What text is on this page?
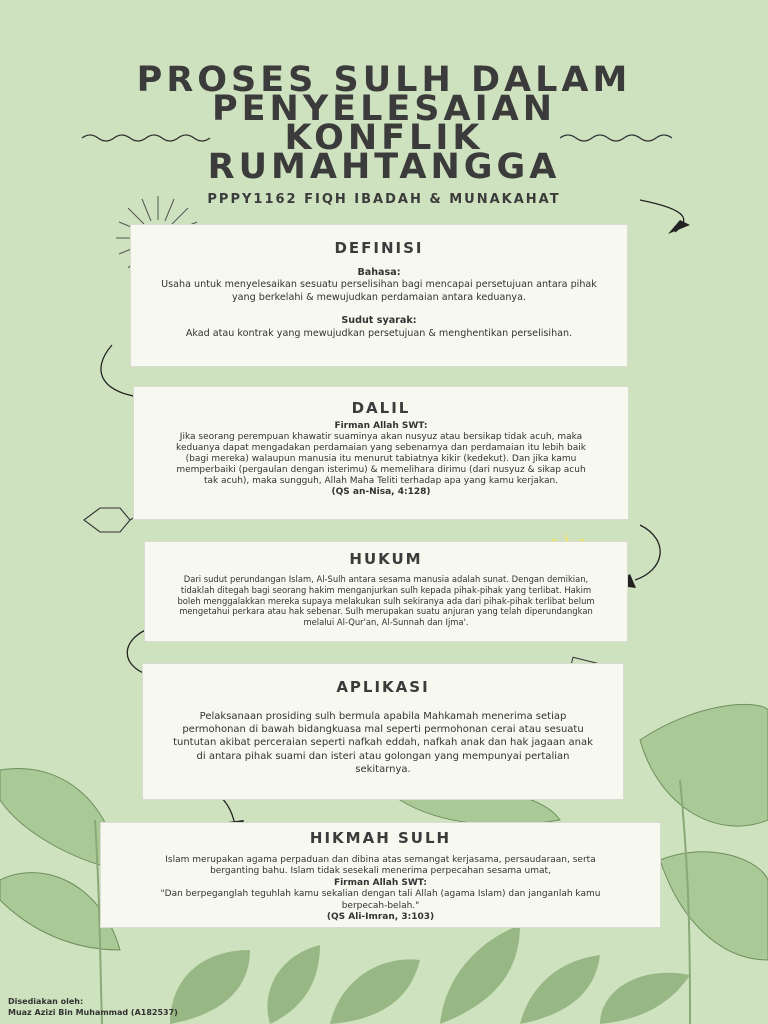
PROSES SULH DALAM
PENYELESAIAN
KONFLIK
RUMAHTANGGA
PPPY1162 FIQH IBADAH & MUNAKAHAT
DEFINISI

Bahasa:

Usaha untuk menyelesaikan sesuatu perselisihan bagi mencapai persetujuan antara pihak yang berkelahi & mewujudkan perdamaian antara keduanya.

Sudut syarak:

Akad atau kontrak yang mewujudkan persetujuan & menghentikan perselisihan.

DALIL

Firman Allah SWT:

Jika seorang perempuan khawatir suaminya akan nusyuz atau bersikap tidak acuh, maka keduanya dapat mengadakan perdamaian yang sebenarnya dan perdamaian itu lebih baik (bagi mereka) walaupun manusia itu menurut tabiatnya kikir (kedekut). Dan jika kamu memperbaiki (pergaulan dengan isterimu) & memelihara dirimu (dari nusyuz & sikap acuh tak acuh), maka sungguh, Allah Maha Teliti terhadap apa yang kamu kerjakan.

(QS an-Nisa, 4:128)

HUKUM

Dari sudut perundangan Islam, Al-Sulh antara sesama manusia adalah sunat. Dengan demikian, tidaklah ditegah bagi seorang hakim menganjurkan sulh kepada pihak-pihak yang terlibat. Hakim boleh menggalakkan mereka supaya melakukan sulh sekiranya ada dari pihak-pihak terlibat belum mengetahui perkara atau hak sebenar. Sulh merupakan suatu anjuran yang telah diperundangkan melalui Al-Qur'an, Al-Sunnah dan Ijma'.

APLIKASI

Pelaksanaan prosiding sulh bermula apabila Mahkamah menerima setiap permohonan di bawah bidangkuasa mal seperti permohonan cerai atau sesuatu tuntutan akibat perceraian seperti nafkah eddah, nafkah anak dan hak jagaan anak di antara pihak suami dan isteri atau golongan yang mempunyai pertalian sekitarnya.

HIKMAH SULH

Islam merupakan agama perpaduan dan dibina atas semangat kerjasama, persaudaraan, serta berganting bahu. Islam tidak sesekali menerima perpecahan sesama umat,

Firman Allah SWT:

"Dan berpeganglah teguhlah kamu sekalian dengan tali Allah (agama Islam) dan janganlah kamu berpecah-belah."

(QS Ali-Imran, 3:103)

Disediakan oleh:
Muaz Azizi Bin Muhammad (A182537)
